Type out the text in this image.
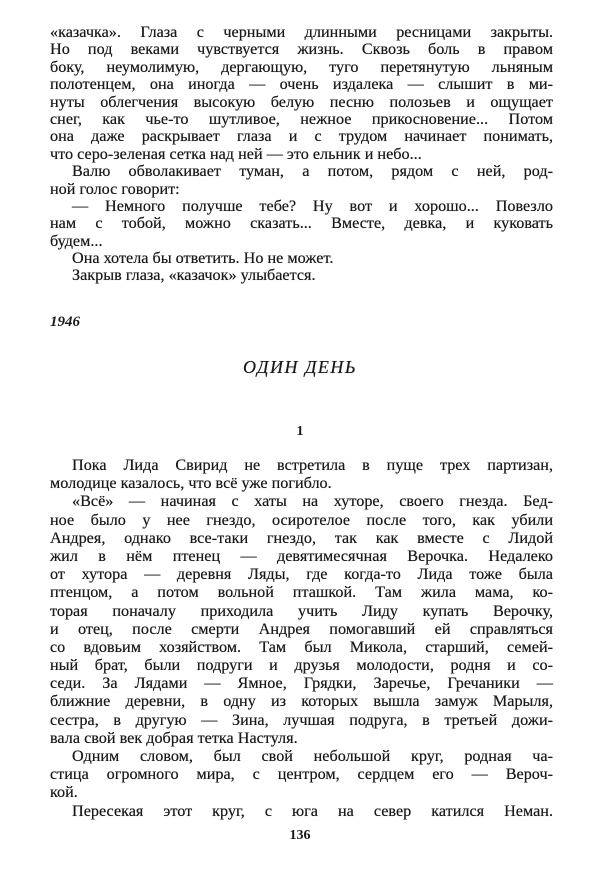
«казачка». Глаза с черными длинными ресницами закрыты.
Но под веками чувствуется жизнь. Сквозь боль в правом
боку, неумолимую, дергающую, туго перетянутую льняным
полотенцем, она иногда — очень издалека — слышит в ми-
нуты облегчения высокую белую песню полозьев и ощущает
снег, как чье-то шутливое, нежное прикосновение... Потом
она даже раскрывает глаза и с трудом начинает понимать,
что серо-зеленая сетка над ней — это ельник и небо...
Валю обволакивает туман, а потом, рядом с ней, род-
ной голос говорит:
— Немного получше тебе? Ну вот и хорошо... Повезло
нам с тобой, можно сказать... Вместе, девка, и куковать
будем...
Она хотела бы ответить. Но не может.
Закрыв глаза, «казачок» улыбается.
1946
ОДИН ДЕНЬ
1
Пока Лида Свирид не встретила в пуще трех партизан,
молодице казалось, что всё уже погибло.
«Всё» — начиная с хаты на хуторе, своего гнезда. Бед-
ное было у нее гнездо, осиротелое после того, как убили
Андрея, однако все-таки гнездо, так как вместе с Лидой
жил в нём птенец — девятимесячная Верочка. Недалеко
от хутора — деревня Ляды, где когда-то Лида тоже была
птенцом, а потом вольной пташкой. Там жила мама, ко-
торая поначалу приходила учить Лиду купать Верочку,
и отец, после смерти Андрея помогавший ей справляться
со вдовьим хозяйством. Там был Микола, старший, семей-
ный брат, были подруги и друзья молодости, родня и со-
седи. За Лядами — Ямное, Грядки, Заречье, Гречаники —
ближние деревни, в одну из которых вышла замуж Марыля,
сестра, в другую — Зина, лучшая подруга, в третьей дожи-
вала свой век добрая тетка Настуля.
Одним словом, был свой небольшой круг, родная ча-
стица огромного мира, с центром, сердцем его — Вероч-
кой.
Пересекая этот круг, с юга на север катился Неман.
136
